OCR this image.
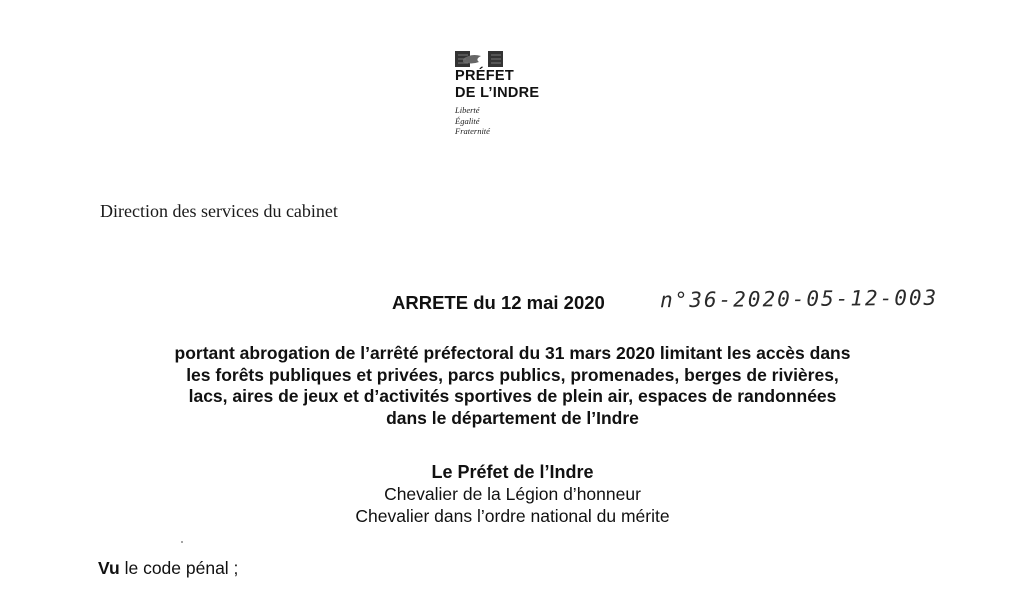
PRÉFET
DE L’INDRE
Liberté
Égalité
Fraternité
Direction des services du cabinet
ARRETE du 12 mai 2020	n°36-2020-05-12-003
portant abrogation de l’arrêté préfectoral du 31 mars 2020 limitant les accès dans
les forêts publiques et privées, parcs publics, promenades, berges de rivières,
lacs, aires de jeux et d’activités sportives de plein air, espaces de randonnées
dans le département de l’Indre
Le Préfet de l’Indre
Chevalier de la Légion d’honneur
Chevalier dans l’ordre national du mérite
Vu le code pénal ;
